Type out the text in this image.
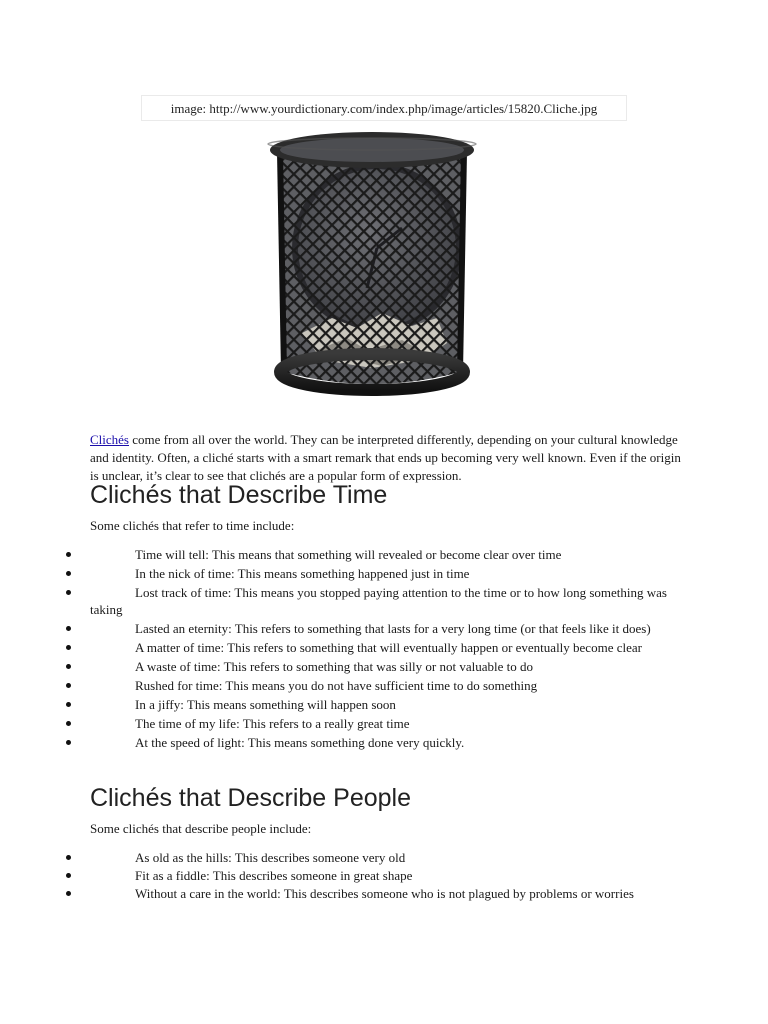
image: http://www.yourdictionary.com/index.php/image/articles/15820.Cliche.jpg

Clichés come from all over the world. They can be interpreted differently, depending on your cultural knowledge and identity. Often, a cliché starts with a smart remark that ends up becoming very well known. Even if the origin is unclear, it’s clear to see that clichés are a popular form of expression.

Clichés that Describe Time
Some clichés that refer to time include:
Time will tell: This means that something will revealed or become clear over time
In the nick of time: This means something happened just in time
Lost track of time: This means you stopped paying attention to the time or to how long something was taking
Lasted an eternity: This refers to something that lasts for a very long time (or that feels like it does)
A matter of time: This refers to something that will eventually happen or eventually become clear
A waste of time: This refers to something that was silly or not valuable to do
Rushed for time: This means you do not have sufficient time to do something
In a jiffy: This means something will happen soon
The time of my life: This refers to a really great time
At the speed of light: This means something done very quickly.
Clichés that Describe People
Some clichés that describe people include:
As old as the hills: This describes someone very old
Fit as a fiddle: This describes someone in great shape
Without a care in the world: This describes someone who is not plagued by problems or worries
